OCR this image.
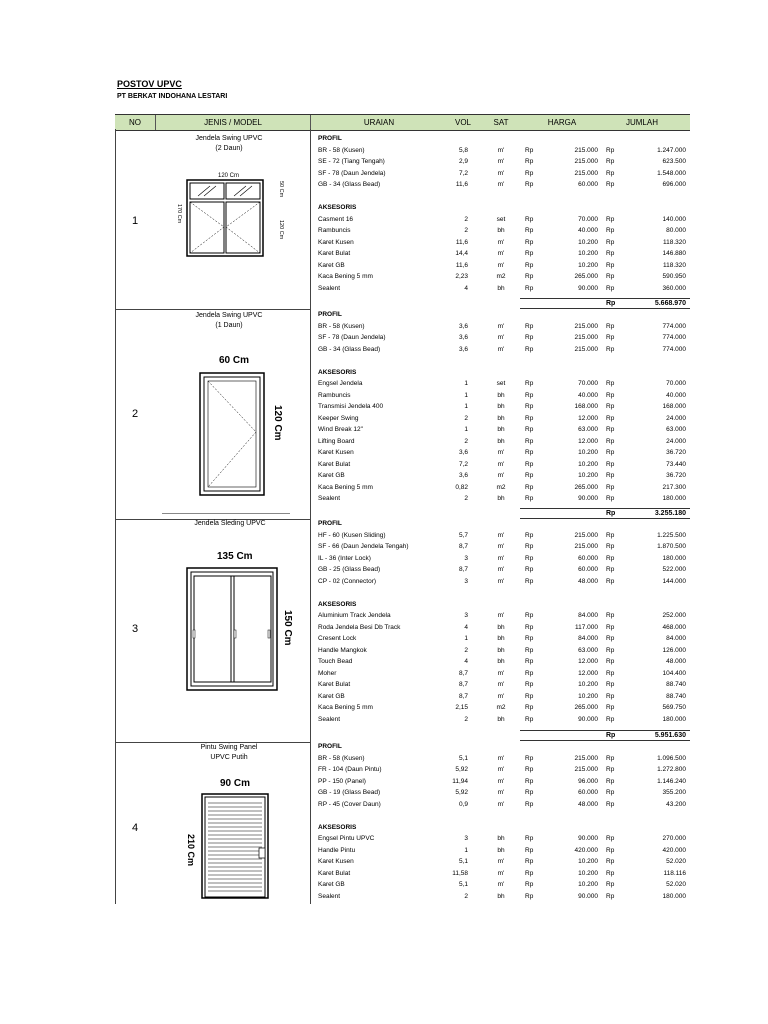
POSTOV UPVC
PT BERKAT INDOHANA LESTARI
NO	JENIS / MODEL	URAIAN	VOL	SAT	HARGA	JUMLAH
1
2
3
4
Jendela Swing UPVC
(2 Daun)
Jendela Swing UPVC
(1 Daun)
Jendela Sleding UPVC
Pintu Swing Panel
UPVC Putih
120 Cm
50 Cm
120 Cm
170 Cm
60 Cm
120 Cm
135 Cm
150 Cm
90 Cm
210 Cm
PROFIL
BR - 58 (Kusen)	5,8	m'	Rp	215.000 Rp	1.247.000
SE - 72 (Tiang Tengah)	2,9	m'	Rp	215.000 Rp	623.500
SF - 78 (Daun Jendela)	7,2	m'	Rp	215.000 Rp	1.548.000
GB - 34 (Glass Bead)	11,6	m'	Rp	60.000 Rp	696.000
AKSESORIS
Casment 16	2	set	Rp	70.000 Rp	140.000
Rambuncis	2	bh	Rp	40.000 Rp	80.000
Karet Kusen	11,6	m'	Rp	10.200 Rp	118.320
Karet Bulat	14,4	m'	Rp	10.200 Rp	146.880
Karet GB	11,6	m'	Rp	10.200 Rp	118.320
Kaca Bening 5 mm	2,23	m2	Rp	265.000 Rp	590.950
Sealent	4	bh	Rp	90.000 Rp	360.000
PROFIL
BR - 58 (Kusen)	3,6	m'	Rp	215.000 Rp	774.000
SF - 78 (Daun Jendela)	3,6	m'	Rp	215.000 Rp	774.000
GB - 34 (Glass Bead)	3,6	m'	Rp	215.000 Rp	774.000
AKSESORIS
Engsel Jendela	1	set	Rp	70.000 Rp	70.000
Rambuncis	1	bh	Rp	40.000 Rp	40.000
Transmisi Jendela 400	1	bh	Rp	168.000 Rp	168.000
Keeper Swing	2	bh	Rp	12.000 Rp	24.000
Wind Break 12"	1	bh	Rp	63.000 Rp	63.000
Lifting Board	2	bh	Rp	12.000 Rp	24.000
Karet Kusen	3,6	m'	Rp	10.200 Rp	36.720
Karet Bulat	7,2	m'	Rp	10.200 Rp	73.440
Karet GB	3,6	m'	Rp	10.200 Rp	36.720
Kaca Bening 5 mm	0,82	m2	Rp	265.000 Rp	217.300
Sealent	2	bh	Rp	90.000 Rp	180.000
PROFIL
HF - 60 (Kusen Sliding)	5,7	m'	Rp	215.000 Rp	1.225.500
SF - 66 (Daun Jendela Tengah)	8,7	m'	Rp	215.000 Rp	1.870.500
IL - 36 (Inter Lock)	3	m'	Rp	60.000 Rp	180.000
GB - 25 (Glass Bead)	8,7	m'	Rp	60.000 Rp	522.000
CP - 02 (Connector)	3	m'	Rp	48.000 Rp	144.000
AKSESORIS
Aluminium Track Jendela	3	m'	Rp	84.000 Rp	252.000
Roda Jendela Besi Db Track	4	bh	Rp	117.000 Rp	468.000
Cresent Lock	1	bh	Rp	84.000 Rp	84.000
Handle Mangkok	2	bh	Rp	63.000 Rp	126.000
Touch Bead	4	bh	Rp	12.000 Rp	48.000
Moher	8,7	m'	Rp	12.000 Rp	104.400
Karet Bulat	8,7	m'	Rp	10.200 Rp	88.740
Karet GB	8,7	m'	Rp	10.200 Rp	88.740
Kaca Bening 5 mm	2,15	m2	Rp	265.000 Rp	569.750
Sealent	2	bh	Rp	90.000 Rp	180.000
PROFIL
BR - 58 (Kusen)	5,1	m'	Rp	215.000 Rp	1.096.500
FR - 104 (Daun Pintu)	5,92	m'	Rp	215.000 Rp	1.272.800
PP - 150 (Panel)	11,94	m'	Rp	96.000 Rp	1.146.240
GB - 19 (Glass Bead)	5,92	m'	Rp	60.000 Rp	355.200
RP - 45 (Cover Daun)	0,9	m'	Rp	48.000 Rp	43.200
AKSESORIS
Engsel Pintu UPVC	3	bh	Rp	90.000 Rp	270.000
Handle Pintu	1	bh	Rp	420.000 Rp	420.000
Karet Kusen	5,1	m'	Rp	10.200 Rp	52.020
Karet Bulat	11,58	m'	Rp	10.200 Rp	118.116
Karet GB	5,1	m'	Rp	10.200 Rp	52.020
Sealent	2	bh	Rp	90.000 Rp	180.000
Rp	5.668.970
Rp	3.255.180
Rp	5.951.630
